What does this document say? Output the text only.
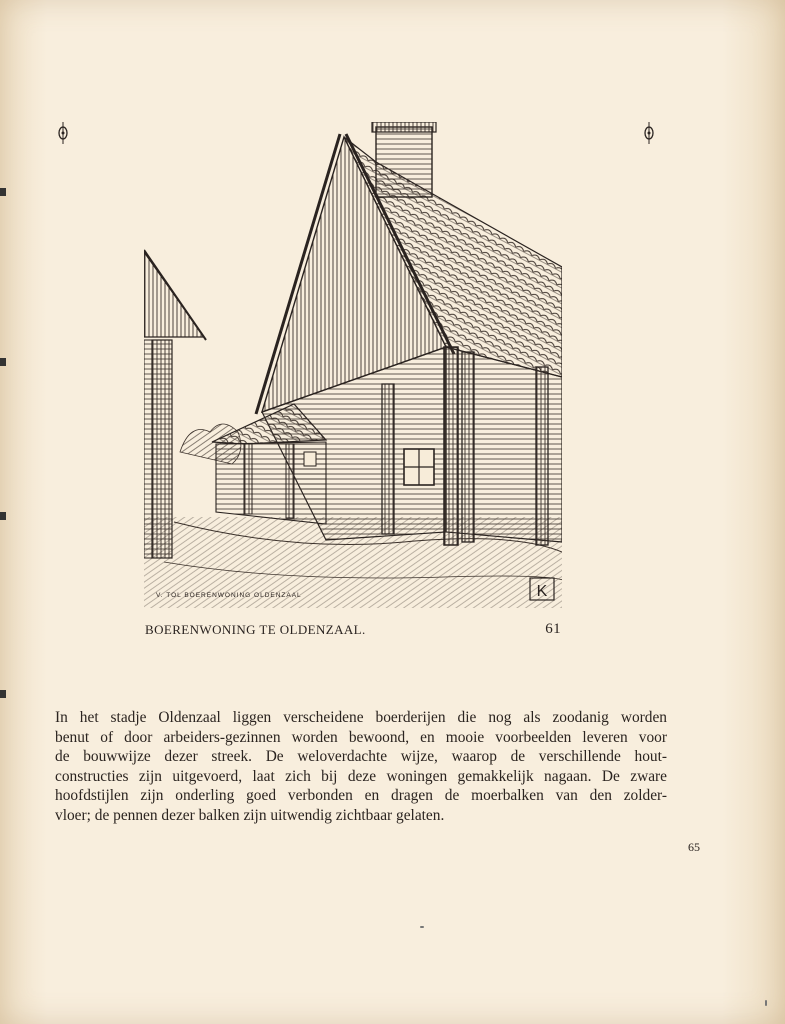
V. TOL BOERENWONING OLDENZAAL	K
BOERENWONING TE OLDENZAAL.	61

In het stadje Oldenzaal liggen verscheidene boerderijen die nog als zoodanig worden
benut of door arbeiders-gezinnen worden bewoond, en mooie voorbeelden leveren voor
de bouwwijze dezer streek. De weloverdachte wijze, waarop de verschillende hout-
constructies zijn uitgevoerd, laat zich bij deze woningen gemakkelijk nagaan. De zware
hoofdstijlen zijn onderling goed verbonden en dragen de moerbalken van den zolder-
vloer; de pennen dezer balken zijn uitwendig zichtbaar gelaten.

65
